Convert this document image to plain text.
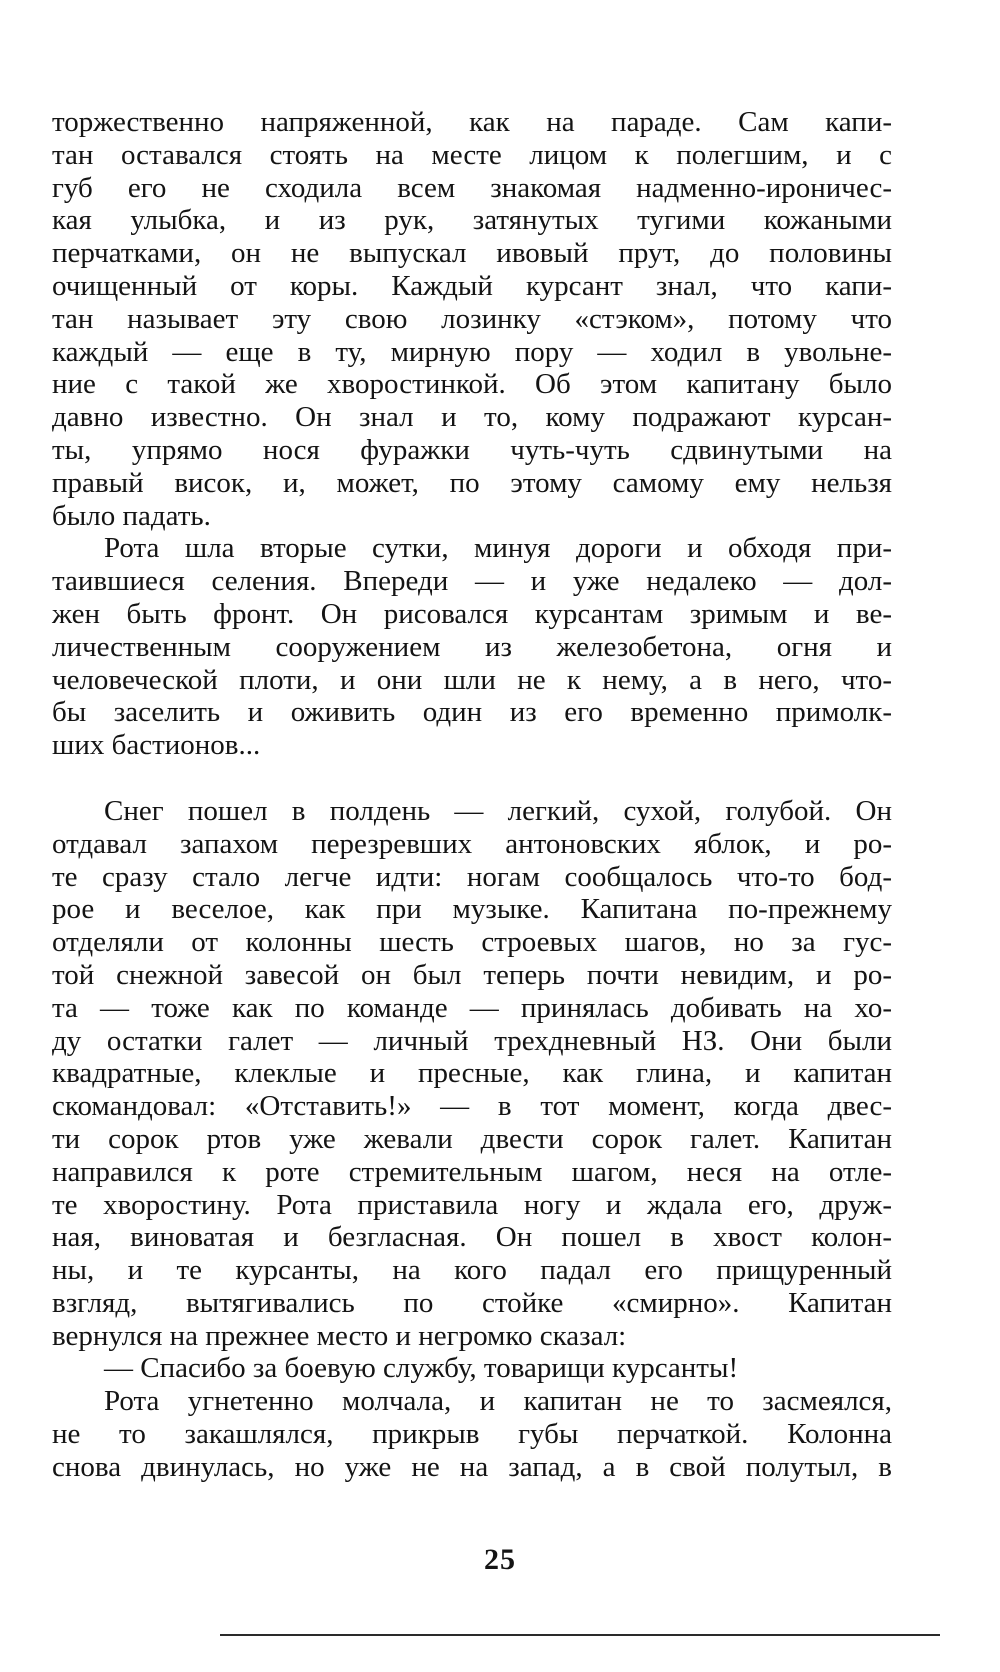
торжественно напряженной, как на параде. Сам капи-
тан оставался стоять на месте лицом к полегшим, и с
губ его не сходила всем знакомая надменно-ироничес-
кая улыбка, и из рук, затянутых тугими кожаными
перчатками, он не выпускал ивовый прут, до половины
очищенный от коры. Каждый курсант знал, что капи-
тан называет эту свою лозинку «стэком», потому что
каждый — еще в ту, мирную пору — ходил в увольне-
ние с такой же хворостинкой. Об этом капитану было
давно известно. Он знал и то, кому подражают курсан-
ты, упрямо нося фуражки чуть-чуть сдвинутыми на
правый висок, и, может, по этому самому ему нельзя
было падать.
Рота шла вторые сутки, минуя дороги и обходя при-
таившиеся селения. Впереди — и уже недалеко — дол-
жен быть фронт. Он рисовался курсантам зримым и ве-
личественным сооружением из железобетона, огня и
человеческой плоти, и они шли не к нему, а в него, что-
бы заселить и оживить один из его временно примолк-
ших бастионов...
Снег пошел в полдень — легкий, сухой, голубой. Он
отдавал запахом перезревших антоновских яблок, и ро-
те сразу стало легче идти: ногам сообщалось что-то бод-
рое и веселое, как при музыке. Капитана по-прежнему
отделяли от колонны шесть строевых шагов, но за гус-
той снежной завесой он был теперь почти невидим, и ро-
та — тоже как по команде — принялась добивать на хо-
ду остатки галет — личный трехдневный НЗ. Они были
квадратные, клеклые и пресные, как глина, и капитан
скомандовал: «Отставить!» — в тот момент, когда двес-
ти сорок ртов уже жевали двести сорок галет. Капитан
направился к роте стремительным шагом, неся на отле-
те хворостину. Рота приставила ногу и ждала его, друж-
ная, виноватая и безгласная. Он пошел в хвост колон-
ны, и те курсанты, на кого падал его прищуренный
взгляд, вытягивались по стойке «смирно». Капитан
вернулся на прежнее место и негромко сказал:
— Спасибо за боевую службу, товарищи курсанты!
Рота угнетенно молчала, и капитан не то засмеялся,
не то закашлялся, прикрыв губы перчаткой. Колонна
снова двинулась, но уже не на запад, а в свой полутыл, в
25
